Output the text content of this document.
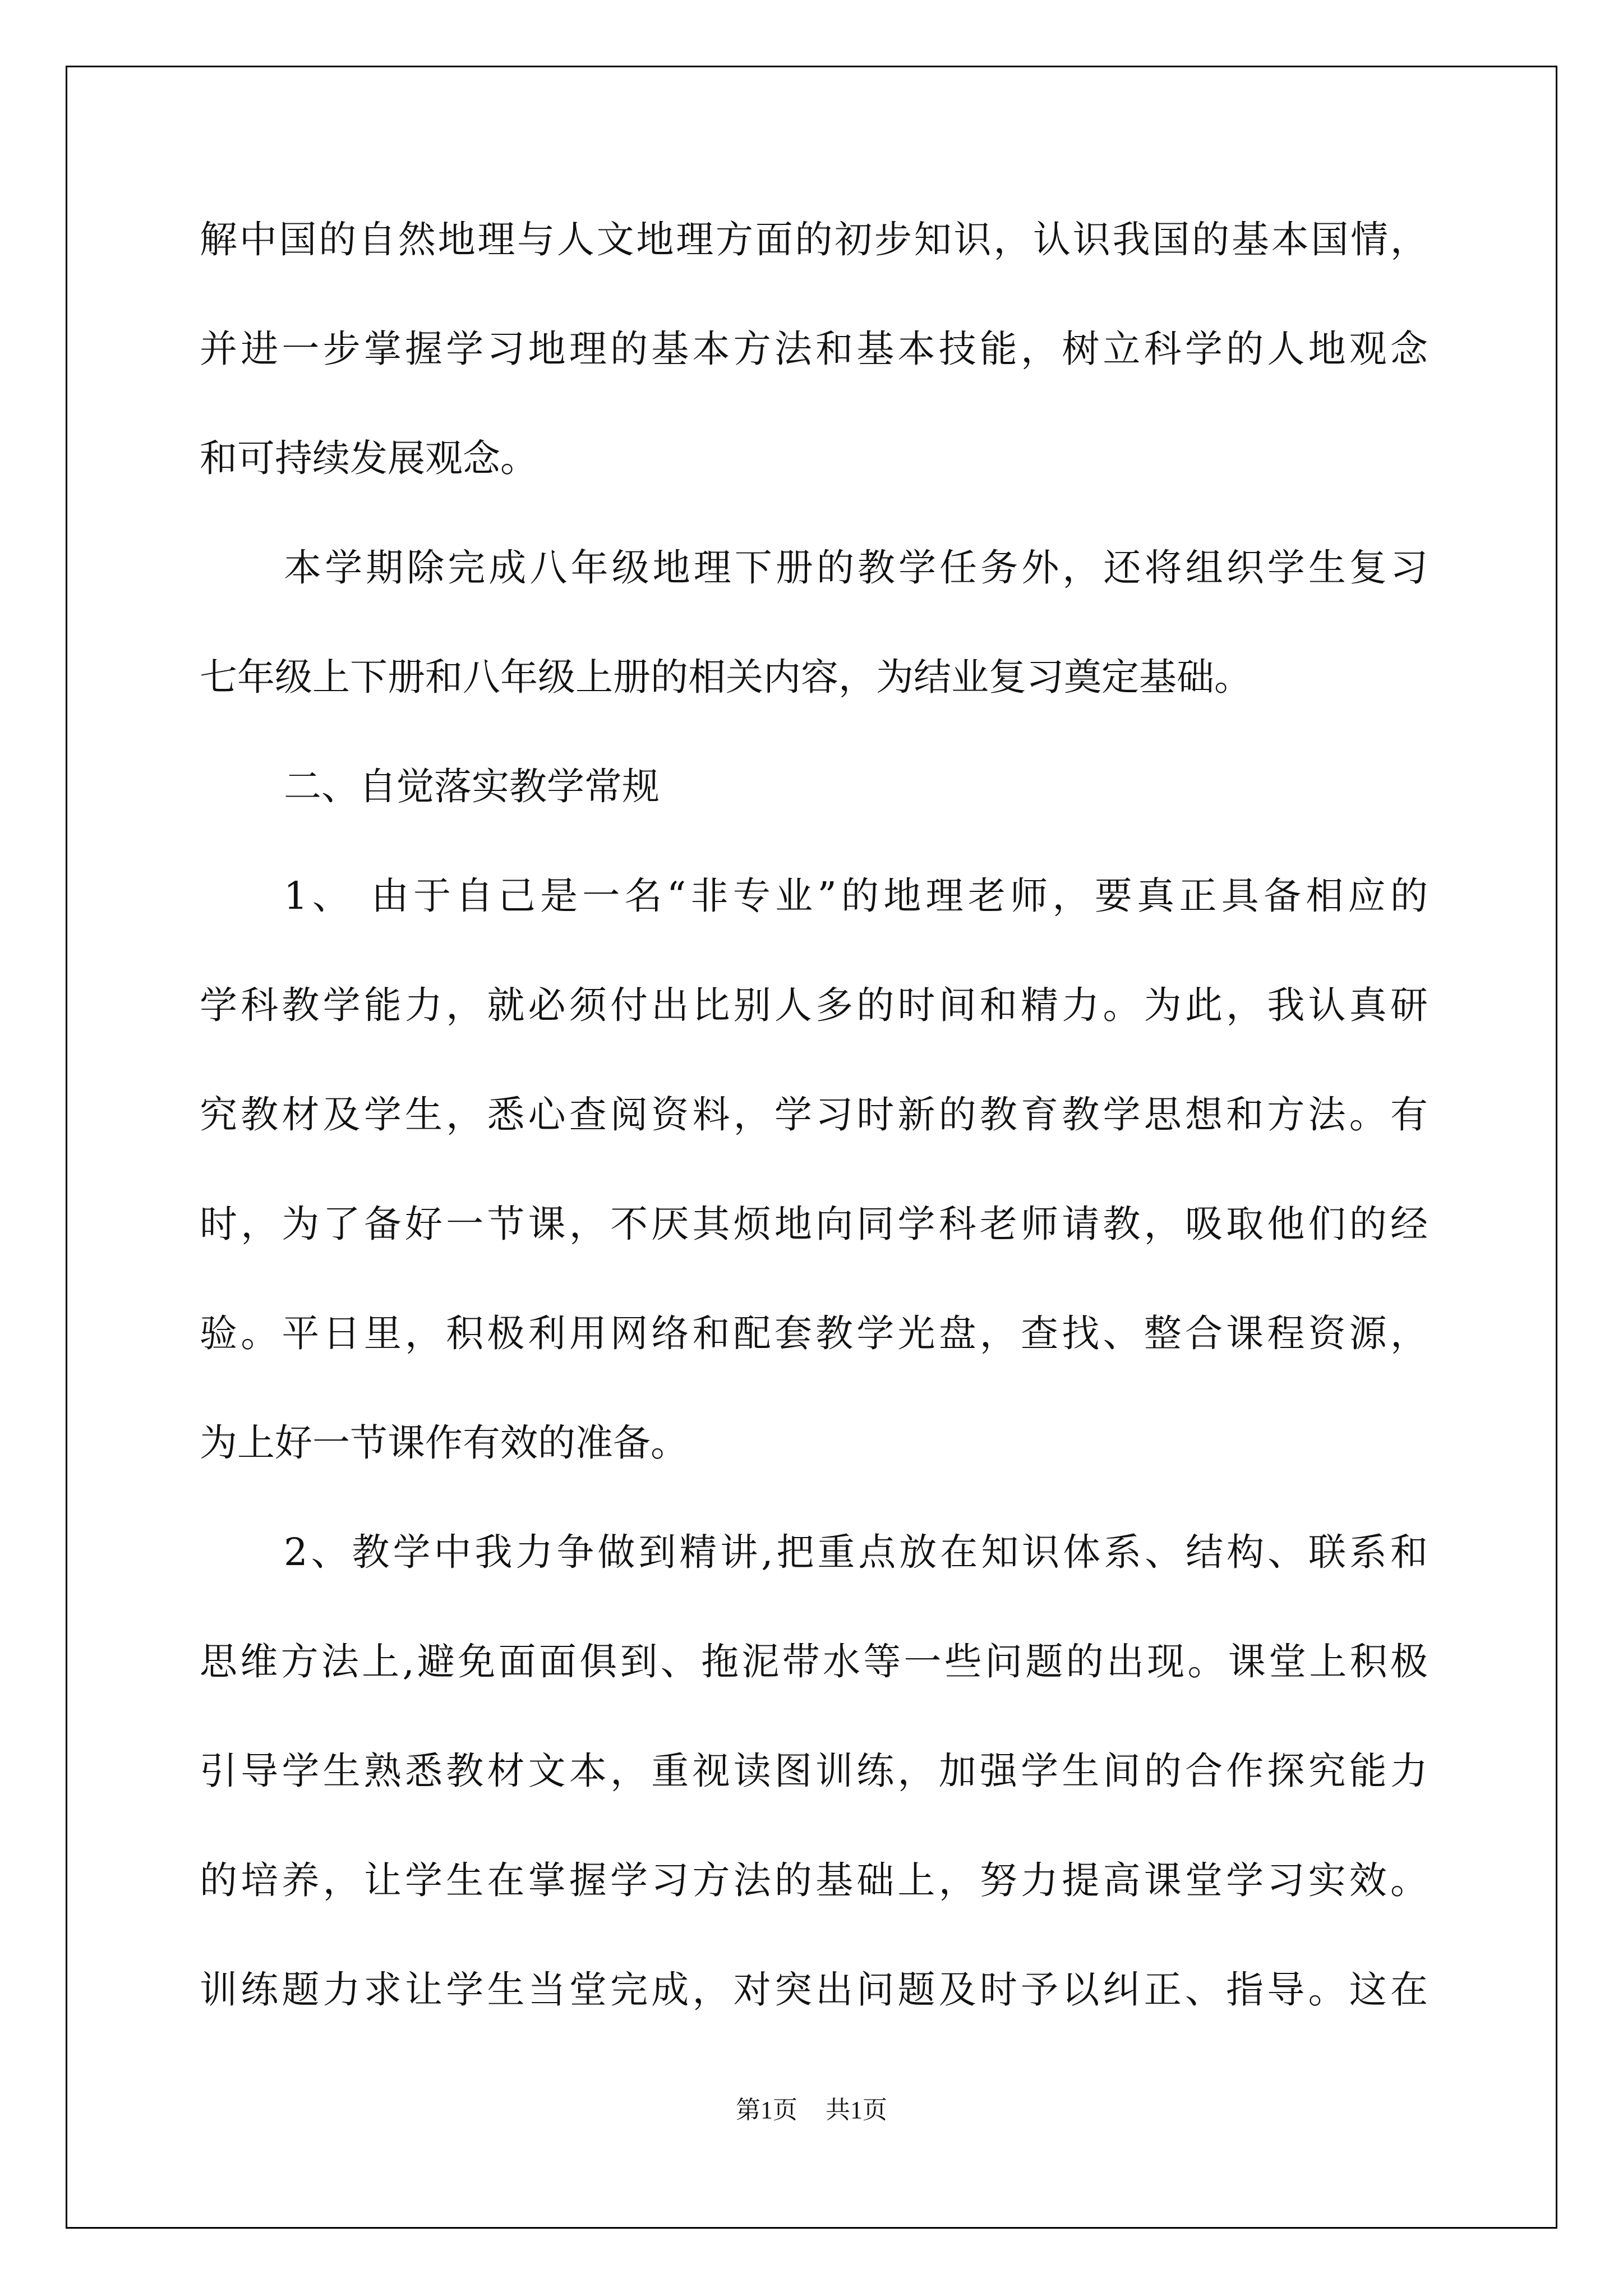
解中国的自然地理与人文地理方面的初步知识，认识我国的基本国情，
并进一步掌握学习地理的基本方法和基本技能，树立科学的人地观念
和可持续发展观念。
本学期除完成八年级地理下册的教学任务外，还将组织学生复习
七年级上下册和八年级上册的相关内容，为结业复习奠定基础。
二、自觉落实教学常规
1、 由于自己是一名“非专业”的地理老师，要真正具备相应的
学科教学能力，就必须付出比别人多的时间和精力。为此，我认真研
究教材及学生，悉心查阅资料，学习时新的教育教学思想和方法。有
时，为了备好一节课，不厌其烦地向同学科老师请教，吸取他们的经
验。平日里，积极利用网络和配套教学光盘，查找、整合课程资源，
为上好一节课作有效的准备。
2、教学中我力争做到精讲,把重点放在知识体系、结构、联系和
思维方法上,避免面面俱到、拖泥带水等一些问题的出现。课堂上积极
引导学生熟悉教材文本，重视读图训练，加强学生间的合作探究能力
的培养，让学生在掌握学习方法的基础上，努力提高课堂学习实效。
训练题力求让学生当堂完成，对突出问题及时予以纠正、指导。这在
第1页 共1页
